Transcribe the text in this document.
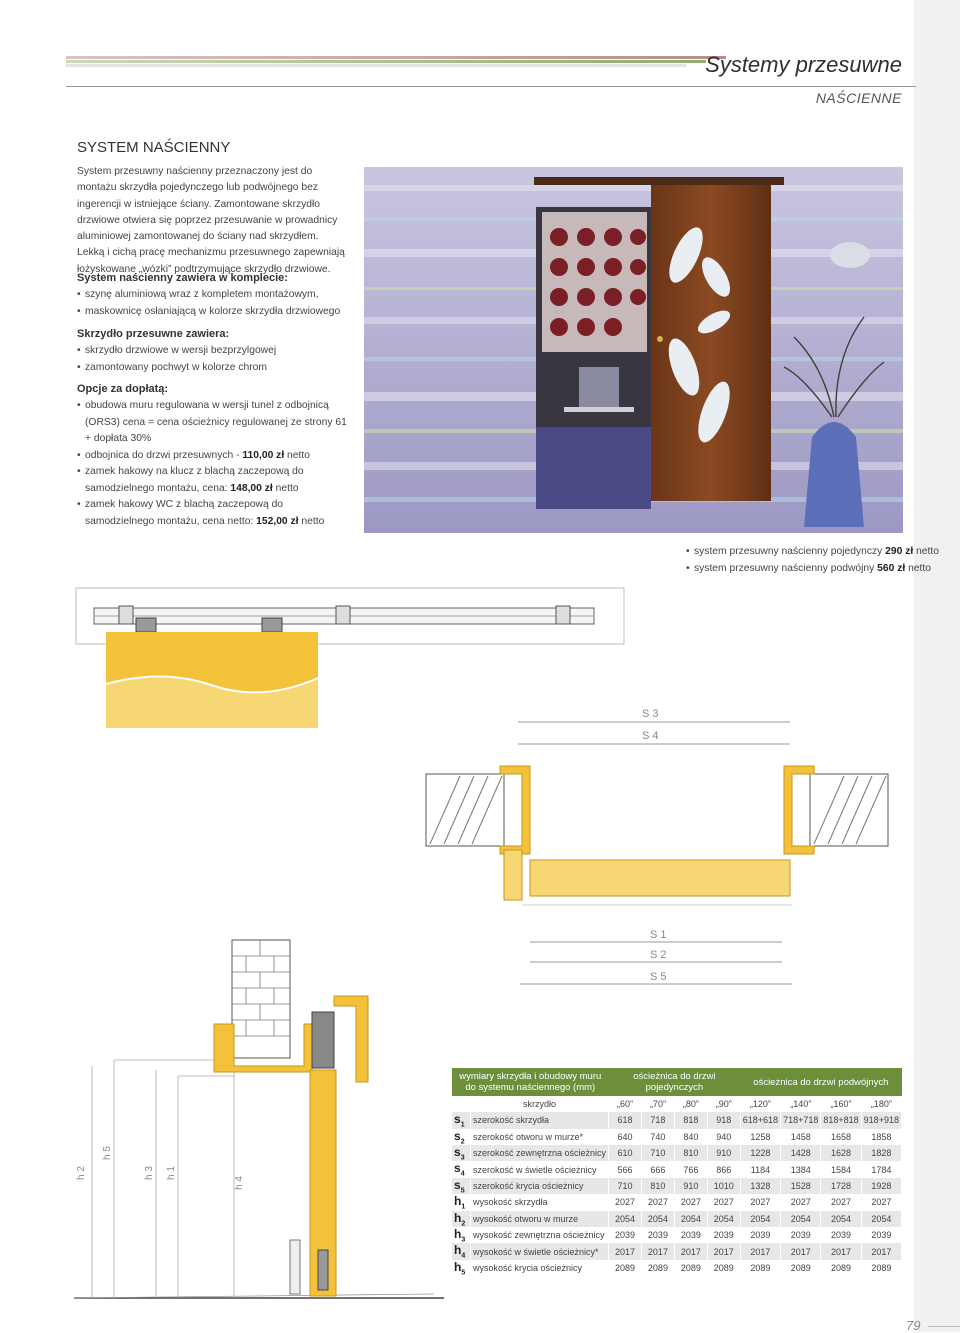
Systemy przesuwne
NAŚCIENNE
SYSTEM NAŚCIENNY
System przesuwny naścienny przeznaczony jest do montażu skrzydła pojedynczego lub podwójnego bez ingerencji w istniejące ściany. Zamontowane skrzydło drzwiowe otwiera się poprzez przesuwanie w prowadnicy aluminiowej zamontowanej do ściany nad skrzydłem. Lekką i cichą pracę mechanizmu przesuwnego zapewniają łożyskowane „wózki” podtrzymujące skrzydło drzwiowe.
System naścienny zawiera w komplecie:
• szynę aluminiową wraz z kompletem montażowym,
• maskownicę osłaniającą w kolorze skrzydła drzwiowego
Skrzydło przesuwne zawiera:
• skrzydło drzwiowe w wersji bezprzylgowej
• zamontowany pochwyt w kolorze chrom
Opcje za dopłatą:
• obudowa muru regulowana w wersji tunel z odbojnicą (ORS3) cena = cena ościeżnicy regulowanej ze strony 61 + dopłata 30%
• odbojnica do drzwi przesuwnych - 110,00 zł netto
• zamek hakowy na klucz z blachą zaczepową do samodzielnego montażu, cena: 148,00 zł netto
• zamek hakowy WC z blachą zaczepową do samodzielnego montażu, cena netto: 152,00 zł netto
• system przesuwny naścienny pojedynczy 290 zł netto
• system przesuwny naścienny podwójny 560 zł netto
S 3
S 4
S 1
S 2
S 5
h 2
h 5
h 3 h 1
h 4
wymiary skrzydła i obudowy muru do systemu naściennego (mm)		ościeżnica do drzwi pojedynczych				ościeżnica do drzwi podwójnych			
	skrzydło	„60”	„70”	„80”	„90”	„120”	„140”	„160”	„180”
$s_1$	szerokość skrzydła	618	718	818	918	618+618	718+718	818+818	918+918
$s_2$	szerokość otworu w murze*	640	740	840	940	1258	1458	1658	1858
$s_3$	szerokość zewnętrzna ościeżnicy	610	710	810	910	1228	1428	1628	1828
$s_4$	szerokość w świetle ościeżnicy	566	666	766	866	1184	1384	1584	1784
$s_5$	szerokość krycia ościeżnicy	710	810	910	1010	1328	1528	1728	1928
$h_1$	wysokość skrzydła	2027	2027	2027	2027	2027	2027	2027	2027
$h_2$	wysokość otworu w murze	2054	2054	2054	2054	2054	2054	2054	2054
$h_3$	wysokość zewnętrzna ościeżnicy	2039	2039	2039	2039	2039	2039	2039	2039
$h_4$	wysokość w świetle ościeżnicy*	2017	2017	2017	2017	2017	2017	2017	2017
$h_5$	wysokość krycia ościeżnicy	2089	2089	2089	2089	2089	2089	2089	2089
79
